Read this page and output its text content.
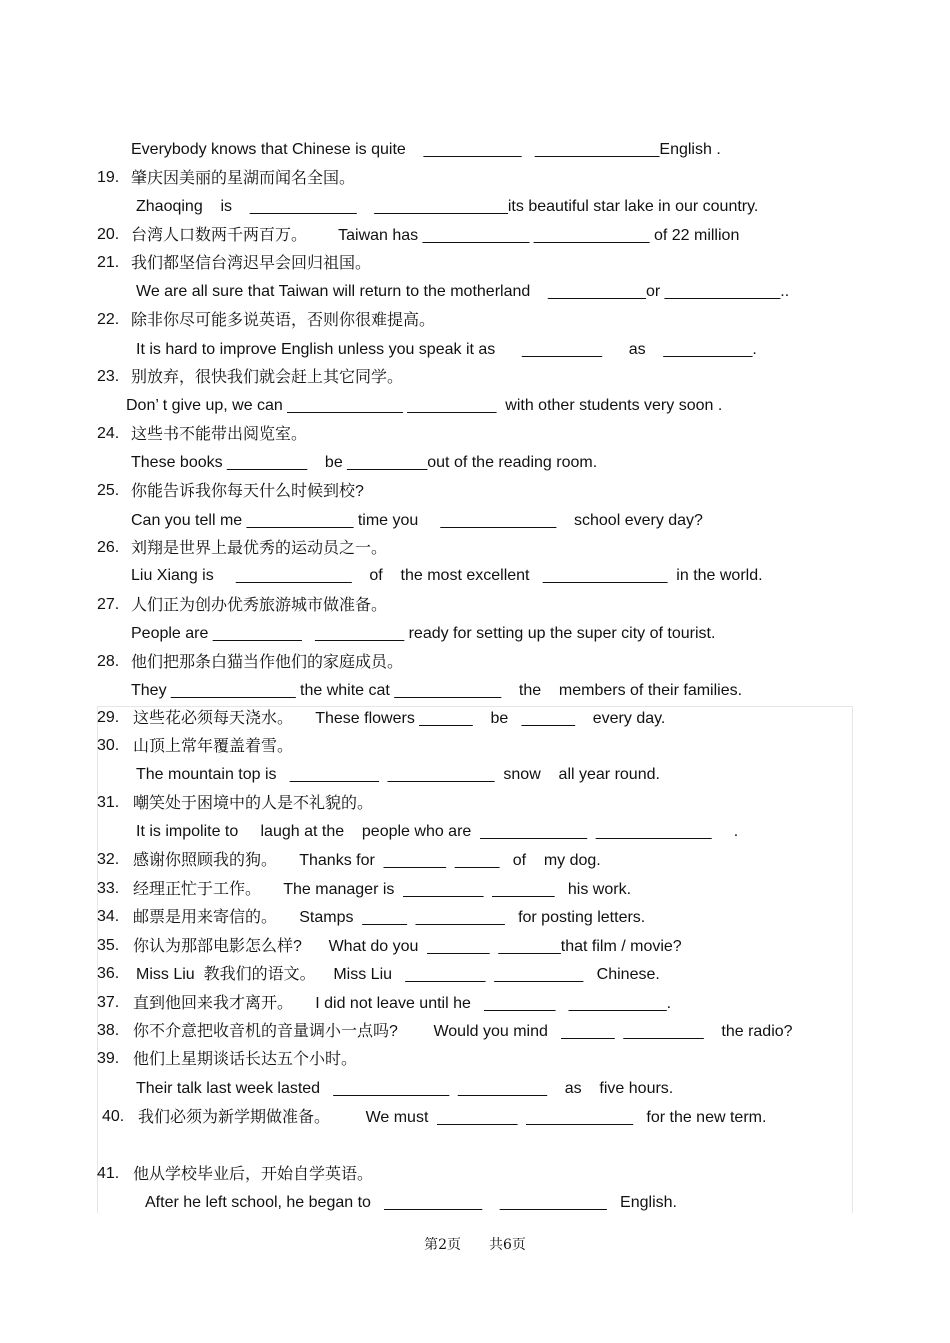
Everybody knows that Chinese is quite    ___________   ______________English .
19. 肇庆因美丽的星湖而闻名全国。
Zhaoqing    is    ____________    _______________its beautiful star lake in our country.
20. 台湾人口数两千两百万。       Taiwan has ____________ _____________ of 22 million
21. 我们都坚信台湾迟早会回归祖国。
We are all sure that Taiwan will return to the motherland    ___________or _____________..
22. 除非你尽可能多说英语，否则你很难提高。
It is hard to improve English unless you speak it as      _________      as    __________.
23. 别放弃，很快我们就会赶上其它同学。
Don’ t give up, we can _____________ __________  with other students very soon .
24. 这些书不能带出阅览室。
These books _________    be _________out of the reading room.
25. 你能告诉我你每天什么时候到校?
Can you tell me ____________ time you     _____________    school every day?
26. 刘翔是世界上最优秀的运动员之一。
Liu Xiang is     _____________    of    the most excellent   ______________  in the world.
27. 人们正为创办优秀旅游城市做准备。
People are __________   __________ ready for setting up the super city of tourist.
28. 他们把那条白猫当作他们的家庭成员。
They ______________ the white cat ____________    the    members of their families.
29. 这些花必须每天浇水。     These flowers ______    be   ______    every day.
30. 山顶上常年覆盖着雪。
The mountain top is   __________  ____________  snow    all year round.
31. 嘲笑处于困境中的人是不礼貌的。
It is impolite to     laugh at the    people who are  ____________  _____________     .
32. 感谢你照顾我的狗。     Thanks for  _______  _____   of    my dog.
33. 经理正忙于工作。     The manager is  _________  _______   his work.
34. 邮票是用来寄信的。     Stamps  _____  __________   for posting letters.
35. 你认为那部电影怎么样?      What do you  _______  _______that film / movie?
36. Miss Liu  教我们的语文。    Miss Liu   _________  __________   Chinese.
37. 直到他回来我才离开。     I did not leave until he   ________   ___________.
38. 你不介意把收音机的音量调小一点吗?        Would you mind   ______  _________    the radio?
39. 他们上星期谈话长达五个小时。
Their talk last week lasted   _____________  __________    as    five hours.
40. 我们必须为新学期做准备。        We must  _________  ____________   for the new term.
41. 他从学校毕业后，开始自学英语。
After he left school, he began to   ___________    ____________   English.
第2页 共6页
